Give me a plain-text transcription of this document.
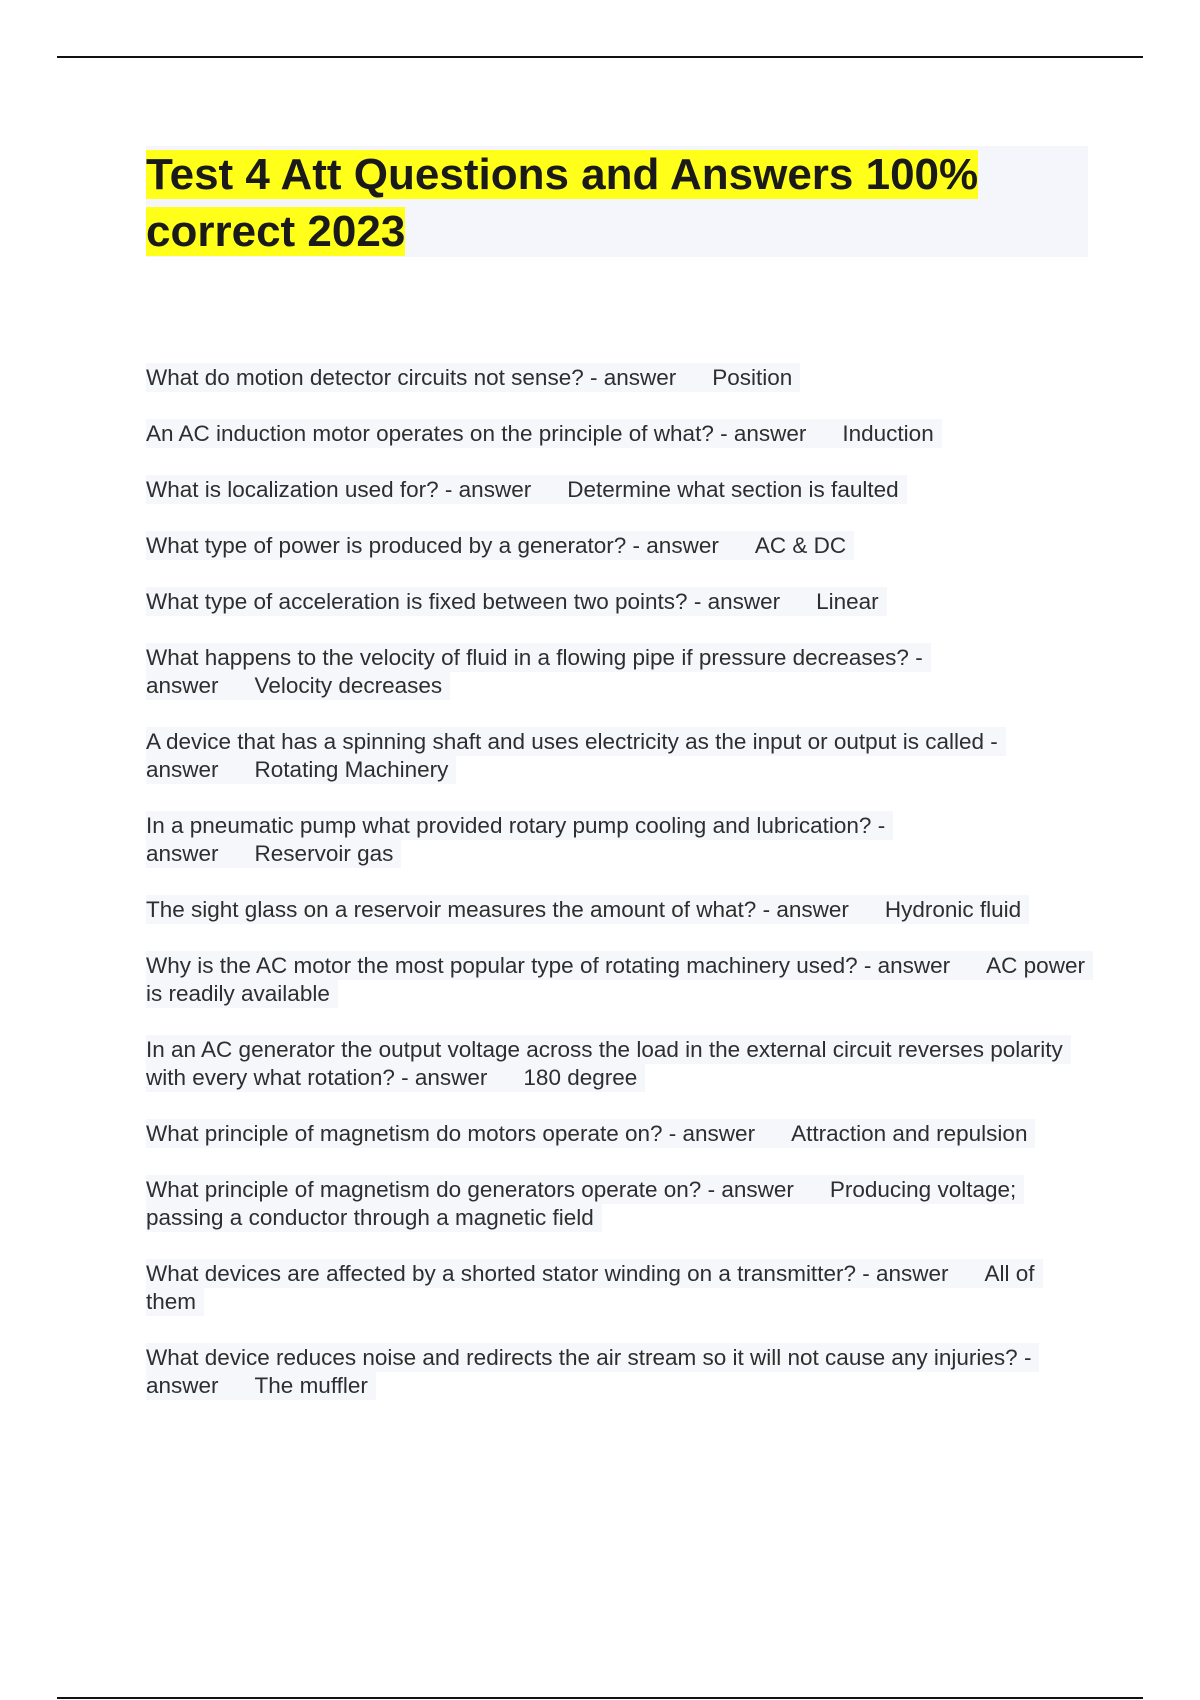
Test 4 Att Questions and Answers 100% correct 2023
What do motion detector circuits not sense? - answer Position
An AC induction motor operates on the principle of what? - answer Induction
What is localization used for? - answer Determine what section is faulted
What type of power is produced by a generator? - answer AC & DC
What type of acceleration is fixed between two points? - answer Linear
What happens to the velocity of fluid in a flowing pipe if pressure decreases? - answer Velocity decreases
A device that has a spinning shaft and uses electricity as the input or output is called - answer Rotating Machinery
In a pneumatic pump what provided rotary pump cooling and lubrication? - answer Reservoir gas
The sight glass on a reservoir measures the amount of what? - answer Hydronic fluid
Why is the AC motor the most popular type of rotating machinery used? - answer AC power is readily available
In an AC generator the output voltage across the load in the external circuit reverses polarity with every what rotation? - answer 180 degree
What principle of magnetism do motors operate on? - answer Attraction and repulsion
What principle of magnetism do generators operate on? - answer Producing voltage; passing a conductor through a magnetic field
What devices are affected by a shorted stator winding on a transmitter? - answer All of them
What device reduces noise and redirects the air stream so it will not cause any injuries? - answer The muffler
